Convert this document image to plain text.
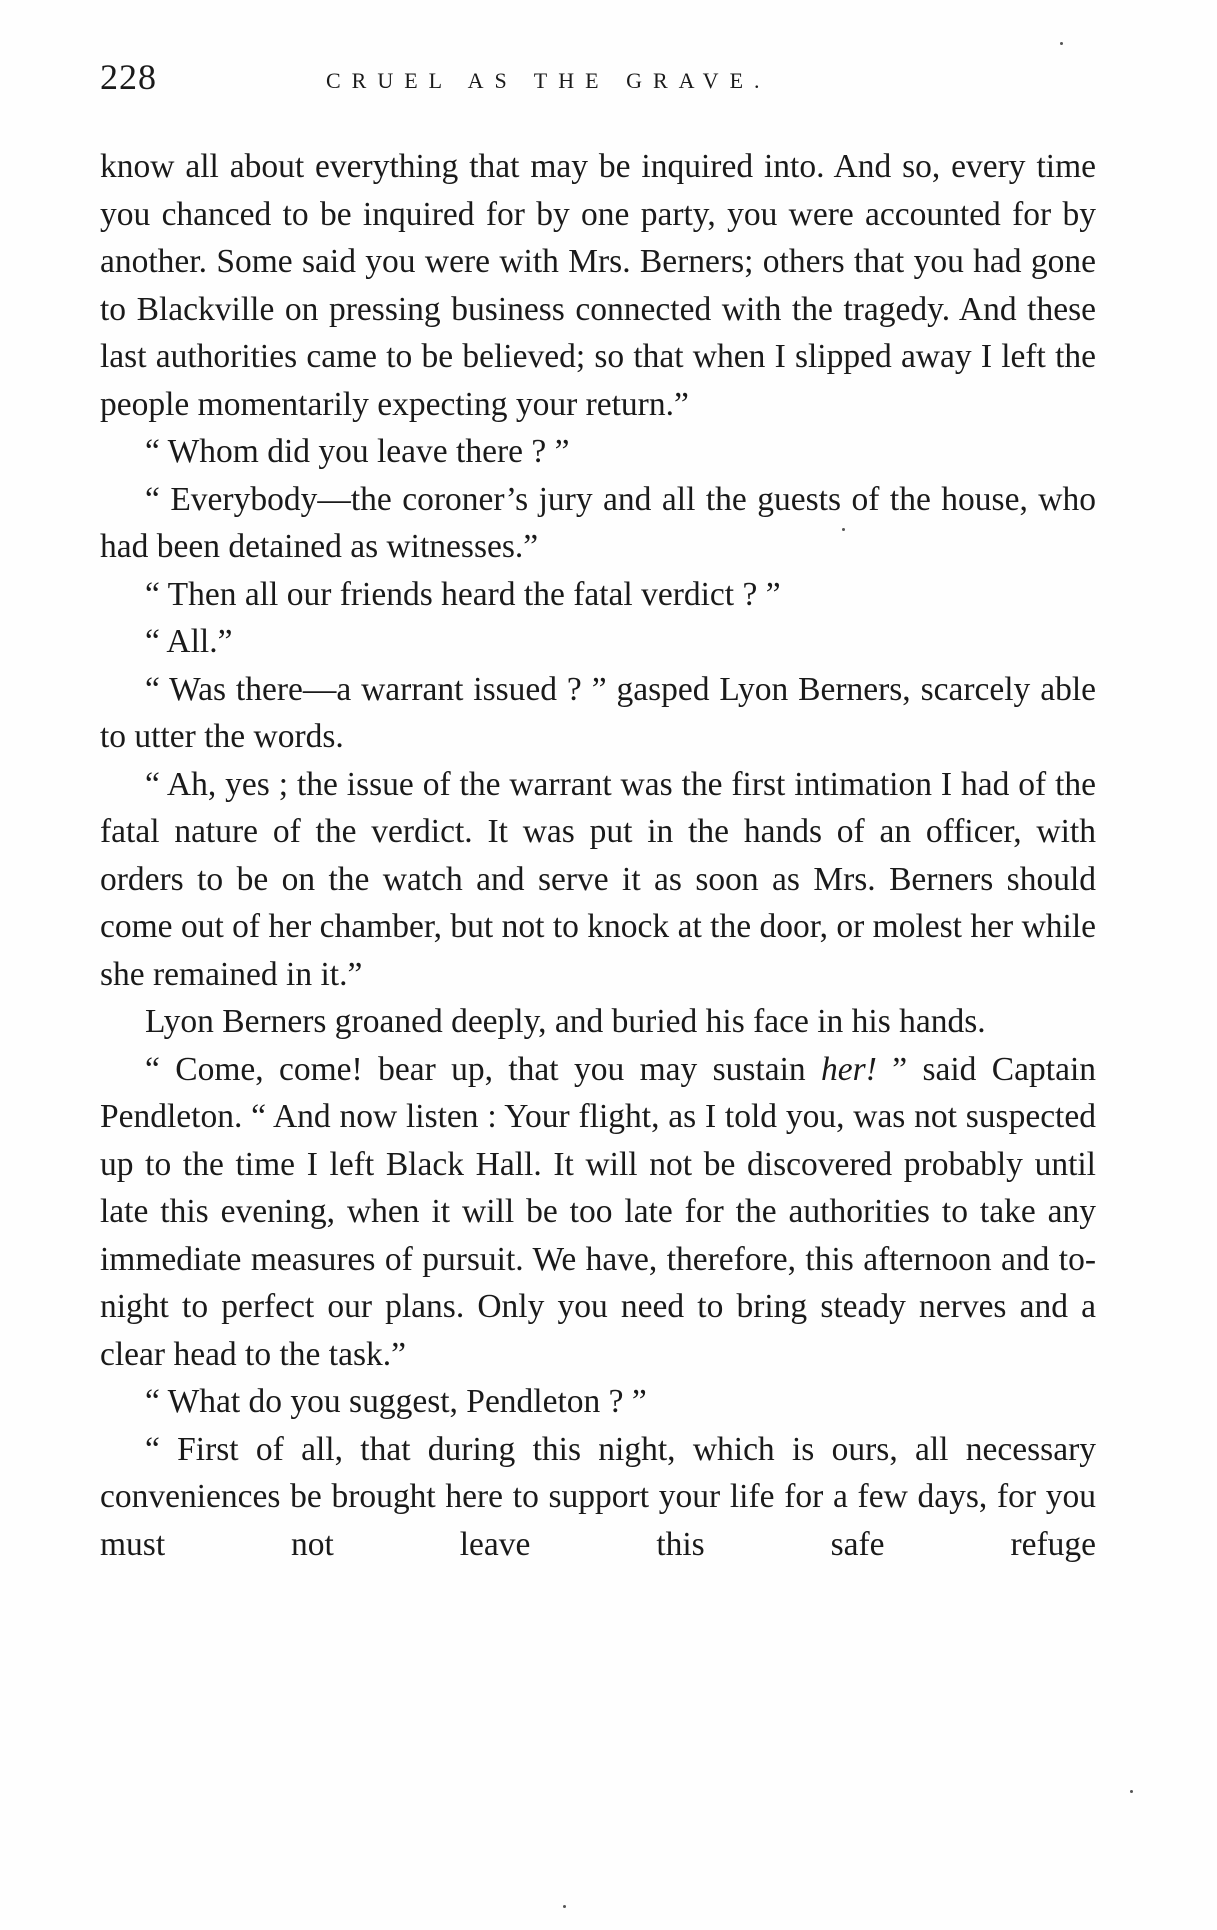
228	CRUEL AS THE GRAVE.

know all about everything that may be inquired into. And so, every time you chanced to be inquired for by one party, you were accounted for by another. Some said you were with Mrs. Berners; others that you had gone to Blackville on pressing business connected with the tragedy. And these last authorities came to be believed; so that when I slipped away I left the people momentarily expecting your return.”

“ Whom did you leave there ? ”

“ Everybody—the coroner’s jury and all the guests of the house, who had been detained as witnesses.”

“ Then all our friends heard the fatal verdict ? ”

“ All.”

“ Was there—a warrant issued ? ” gasped Lyon Berners, scarcely able to utter the words.

“ Ah, yes ; the issue of the warrant was the first intimation I had of the fatal nature of the verdict. It was put in the hands of an officer, with orders to be on the watch and serve it as soon as Mrs. Berners should come out of her chamber, but not to knock at the door, or molest her while she remained in it.”

Lyon Berners groaned deeply, and buried his face in his hands.

“ Come, come! bear up, that you may sustain her! ” said Captain Pendleton. “ And now listen : Your flight, as I told you, was not suspected up to the time I left Black Hall. It will not be discovered probably until late this evening, when it will be too late for the authorities to take any immediate measures of pursuit. We have, therefore, this afternoon and to-night to perfect our plans. Only you need to bring steady nerves and a clear head to the task.”

“ What do you suggest, Pendleton ? ”

“ First of all, that during this night, which is ours, all necessary conveniences be brought here to support your life for a few days, for you must not leave this safe refuge
